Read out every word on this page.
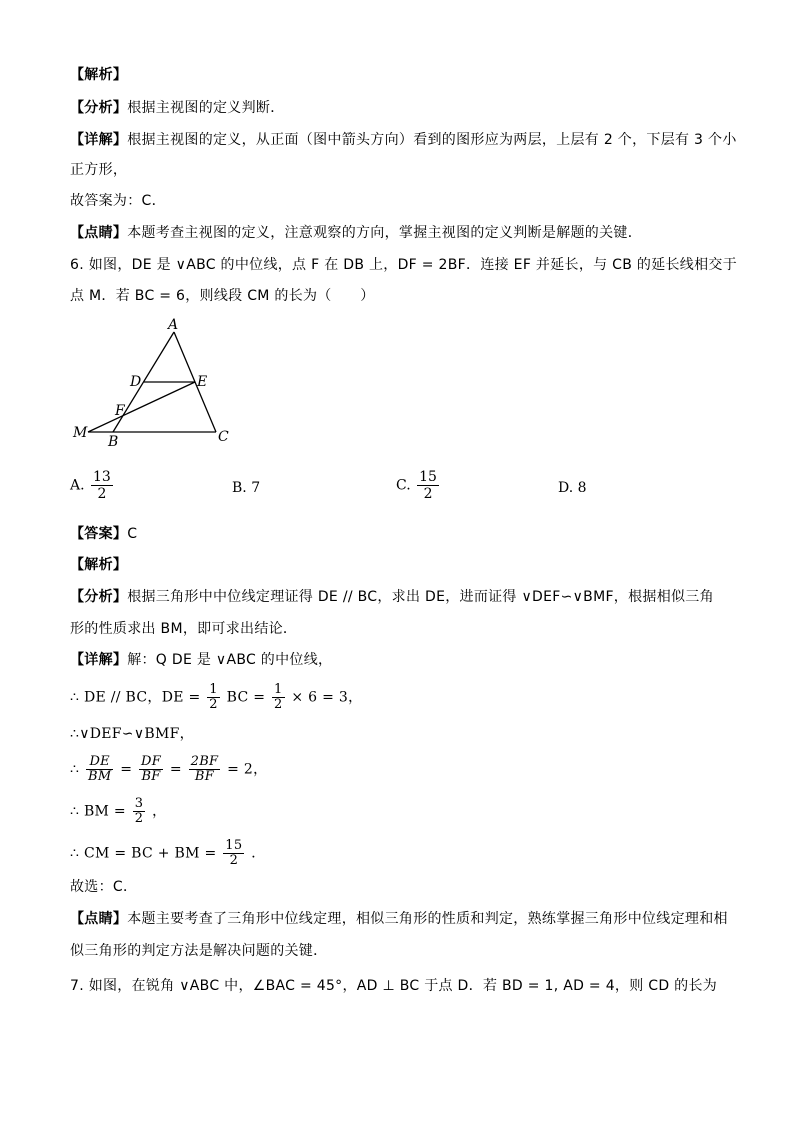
【解析】
【分析】根据主视图的定义判断．
【详解】根据主视图的定义，从正面（图中箭头方向）看到的图形应为两层，上层有 2 个，下层有 3 个小
正方形，
故答案为：C．
【点睛】本题考查主视图的定义，注意观察的方向，掌握主视图的定义判断是解题的关键．
6. 如图，DE 是 ∨ABC 的中位线，点 F 在 DB 上，DF = 2BF．连接 EF 并延长，与 CB 的延长线相交于
点 M．若 BC = 6，则线段 CM 的长为（　　）
A
D	E
F
M
B	C
A. $\frac{13}{2}$	B. 7	C. $\frac{15}{2}$	D. 8
【答案】C
【解析】
【分析】根据三角形中中位线定理证得 DE // BC，求出 DE，进而证得 ∨DEF∽∨BMF，根据相似三角
形的性质求出 BM，即可求出结论．
【详解】解：Q DE 是 ∨ABC 的中位线，
∴ DE // BC，DE = $\frac{1}{2}$ BC = $\frac{1}{2} \times 6 = 3$，
∴∨DEF∽∨BMF，
∴ $\frac{DE}{BM} = \frac{DF}{BF} = \frac{2BF}{BF} = 2$，
∴ BM = $\frac{3}{2}$ ，
∴ CM = BC + BM = $\frac{15}{2}$ ．
故选：C．
【点睛】本题主要考查了三角形中位线定理，相似三角形的性质和判定，熟练掌握三角形中位线定理和相
似三角形的判定方法是解决问题的关键．
7. 如图，在锐角 ∨ABC 中，∠BAC = 45°，AD ⊥ BC 于点 D．若 BD = 1, AD = 4，则 CD 的长为
